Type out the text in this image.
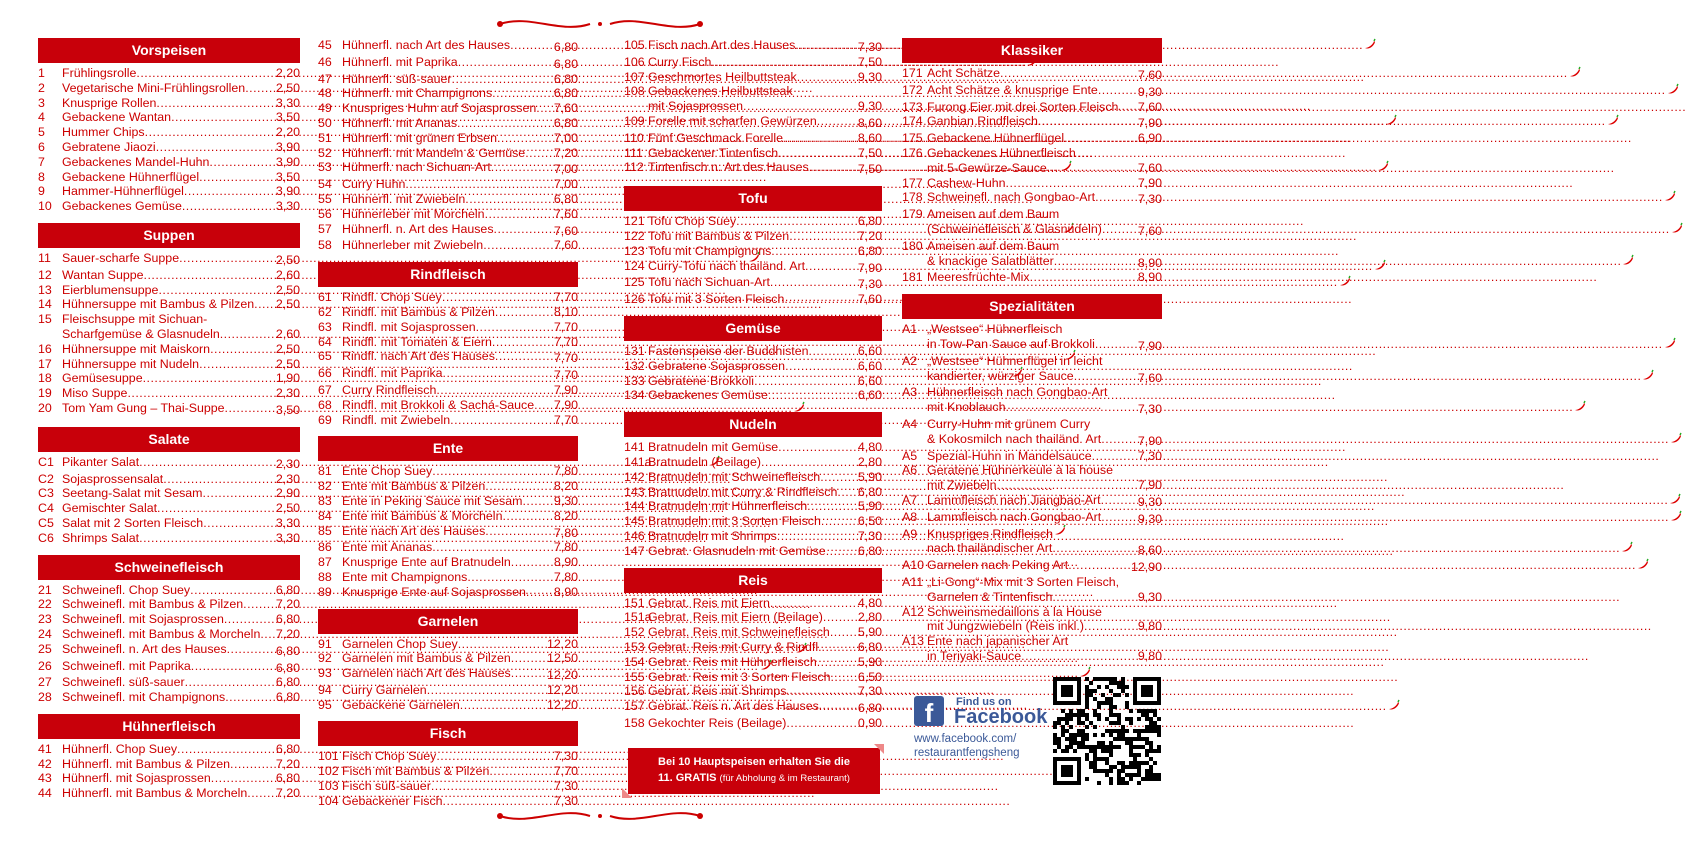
Vorspeisen
1	Frühlingsrolle .....	2,20
2	Vegetarische Mini-Frühlingsrollen ..... 2,50
3	Knusprige Rollen .....	3,30
4	Gebackene Wantan .....	3,50
5	Hummer Chips .....	2,20
6	Gebratene Jiaozi .....	3,90
7	Gebackenes Mandel-Huhn .....	3,90
8	Gebackene Hühnerflügel .....	3,50
9	Hammer-Hühnerflügel .....	3,90
10 Gebackenes Gemüse .....	3,30
Suppen
11 Sauer-scharfe Suppe .....	2,50
12 Wantan Suppe .....	2,60
13 Eierblumensuppe .....	2,50
14 Hühnersuppe mit Bambus & Pilzen ..... 2,50
15 Fleischsuppe mit Sichuan-
Scharfgemüse & Glasnudeln .....	2,60
16 Hühnersuppe mit Maiskorn .....	2,50
17 Hühnersuppe mit Nudeln .....	2,50
18 Gemüsesuppe .....	1,90
19 Miso Suppe .....	2,30
20 Tom Yam Gung – Thai-Suppe .....	3,50
Salate
C1 Pikanter Salat .....	2,30
C2 Sojasprossensalat .....	2,30
C3 Seetang-Salat mit Sesam .....	2,90
C4 Gemischter Salat .....	2,50
C5 Salat mit 2 Sorten Fleisch .....	3,30
C6 Shrimps Salat .....	3,30
Schweinefleisch
21 Schweinefl. Chop Suey .....	6,80
22 Schweinefl. mit Bambus & Pilzen .....	7,20
23 Schweinefl. mit Sojasprossen .....	6,80
24 Schweinefl. mit Bambus & Morcheln ..... 7,20
25 Schweinefl. n. Art des Hauses .....	6,80
26 Schweinefl. mit Paprika .....	6,80
27 Schweinefl. süß-sauer .....	6,80
28 Schweinefl. mit Champignons .....	6,80
Hühnerfleisch
41 Hühnerfl. Chop Suey .....	6,80
42 Hühnerfl. mit Bambus & Pilzen .....	7,20
43 Hühnerfl. mit Sojasprossen .....	6,80
44 Hühnerfl. mit Bambus & Morcheln ..... 7,20
45 Hühnerfl. nach Art des Hauses .....	6,80
46 Hühnerfl. mit Paprika .....	6,80
47 Hühnerfl. süß-sauer .....	6,80
48 Hühnerfl. mit Champignons .....	6,80
49 Knuspriges Huhn auf Sojasprossen ..... 7,60
50 Hühnerfl. mit Ananas .....	6,80
51 Hühnerfl. mit grünen Erbsen .....	7,00
52 Hühnerfl. mit Mandeln & Gemüse ..... 7,20
53 Hühnerfl. nach Sichuan-Art .....	7,00
54 Curry Huhn .....	7,00
55 Hühnerfl. mit Zwiebeln .....	6,80
56 Hühnerleber mit Morcheln .....	7,60
57 Hühnerfl. n. Art des Hauses .....	7,60
58 Hühnerleber mit Zwiebeln .....	7,60
Rindfleisch
61 Rindfl. Chop Suey .....	7,70
62 Rindfl. mit Bambus & Pilzen .....	8,10
63 Rindfl. mit Sojasprossen .....	7,70
64 Rindfl. mit Tomaten & Eiern .....	7,70
65 Rindfl. nach Art des Hauses .....	7,70
66 Rindfl. mit Paprika .....	7,70
67 Curry Rindfleisch .....	7,90
68 Rindfl. mit Brokkoli & Sachá-Sauce ..... 7,90
69 Rindfl. mit Zwiebeln .....	7,70
Ente
81 Ente Chop Suey .....	7,80
82 Ente mit Bambus & Pilzen .....	8,20
83 Ente in Peking Sauce mit Sesam .....	9,30
84 Ente mit Bambus & Morcheln .....	8,20
85 Ente nach Art des Hauses .....	7,80
86 Ente mit Ananas .....	7,80
87 Knusprige Ente auf Bratnudeln .....	8,90
88 Ente mit Champignons .....	7,80
89 Knusprige Ente auf Sojasprossen ..... 8,90
Garnelen
91 Garnelen Chop Suey .....	12,20
92 Garnelen mit Bambus & Pilzen .....	12,50
93 Garnelen nach Art des Hauses .....	12,20
94 Curry Garnelen .....	12,20
95 Gebackene Garnelen .....	12,20
Fisch
101 Fisch Chop Suey .....	7,30
102 Fisch mit Bambus & Pilzen .....	7,70
103 Fisch süß-sauer .....	7,30
104 Gebackener Fisch .....	7,30
105 Fisch nach Art des Hauses .....	7,30
106 Curry Fisch .....	7,50
107 Geschmortes Heilbuttsteak .....	9,30
108 Gebackenes Heilbuttsteak
mit Sojasprossen .....	9,30
109 Forelle mit scharfen Gewürzen .....	8,60
110 Fünf Geschmack Forelle .....	8,60
111 Gebackener Tintenfisch .....	7,50
112 Tintenfisch n. Art des Hauses .....	7,50
Tofu
121 Tofu Chop Suey .....	6,80
122 Tofu mit Bambus & Pilzen .....	7,20
123 Tofu mit Champignons .....	6,80
124 Curry-Tofu nach thailänd. Art .....	7,90
125 Tofu nach Sichuan-Art .....	7,30
126 Tofu mit 3 Sorten Fleisch .....	7,60
Gemüse
131 Fastenspeise der Buddhisten .....	6,60
132 Gebratene Sojasprossen .....	6,60
133 Gebratene Brokkoli .....	6,60
134 Gebackenes Gemüse .....	6,60
Nudeln
141 Bratnudeln mit Gemüse .....	4,80
141a
Bratnudeln (Beilage) .....	2,80
142 Bratnudeln mit Schweinefleisch .....	5,90
143 Bratnudeln mit Curry & Rindfleisch ..... 6,80
144 Bratnudeln mit Hühnerfleisch .....	5,90
145 Bratnudeln mit 3 Sorten Fleisch .....	6,50
146 Bratnudeln mit Shrimps .....	7,30
147 Gebrat. Glasnudeln mit Gemüse .....	6,80
Reis
151 Gebrat. Reis mit Eiern .....	4,80
151a
Gebrat. Reis mit Eiern (Beilage) .....	2,80
152 Gebrat. Reis mit Schweinefleisch ..... 5,90
153 Gebrat. Reis mit Curry & Rindfl. .....	6,80
154 Gebrat. Reis mit Hühnerfleisch .....	5,90
155 Gebrat. Reis mit 3 Sorten Fleisch ..... 6,50
156 Gebrat. Reis mit Shrimps .....	7,30
157 Gebrat. Reis n. Art des Hauses .....	6,80
158 Gekochter Reis (Beilage) .....	0,90
Klassiker
171 Acht Schätze .....	7,60
172 Acht Schätze & knusprige Ente .....	9,30
173 Furong Eier mit drei Sorten Fleisch ..... 7,60
174 Ganbian Rindfleisch .....	7,90
175 Gebackene Hühnerflügel .....	6,90
176 Gebackenes Hühnerfleisch
mit 5-Gewürze-Sauce .....	7,60
177 Cashew-Huhn .....	7,90
178 Schweinefl. nach Gongbao-Art .....	7,30
179 Ameisen auf dem Baum
(Schweinefleisch & Glasnudeln) .....	7,60
180 Ameisen auf dem Baum
& knackige Salatblätter .....	8,90
181 Meeresfrüchte-Mix .....	8,90
Spezialitäten
A1 „Westsee“ Hühnerfleisch
in Tow-Pan Sauce auf Brokkoli .....	7,90
A2 „Westsee“ Hühnerflügel in leicht
kandierter, würziger Sauce .....	7,60
A3 Hühnerfleisch nach Gongbao-Art
mit Knoblauch .....	7,30
A4 Curry-Huhn mit grünem Curry
& Kokosmilch nach thailänd. Art .....	7,90
A5 Spezial-Huhn in Mandelsauce .....	7,30
A6 Geratene Hühnerkeule à la house
mit Zwiebeln .....	7,90
A7 Lammfleisch nach Jiangbao-Art .....	9,30
A8 Lammfleisch nach Gongbao-Art .....	9,30
A9 Knuspriges Rindfleisch
nach thailändischer Art .....	8,60
A10 Garnelen nach Peking Art .....	12,90
A11 „Li-Gong“-Mix mit 3 Sorten Fleisch,
Garnelen & Tintenfisch .....	9,30
A12 Schweinsmedaillons à la House
mit Jungzwiebeln (Reis inkl.) .....	9,80
A13 Ente nach japanischer Art
in Teriyaki-Sauce .....	9,80
Bei 10 Hauptspeisen erhalten Sie die
11. GRATIS (für Abholung & im Restaurant)
f	Find us on
Facebook
www.facebook.com/
restaurantfengsheng
